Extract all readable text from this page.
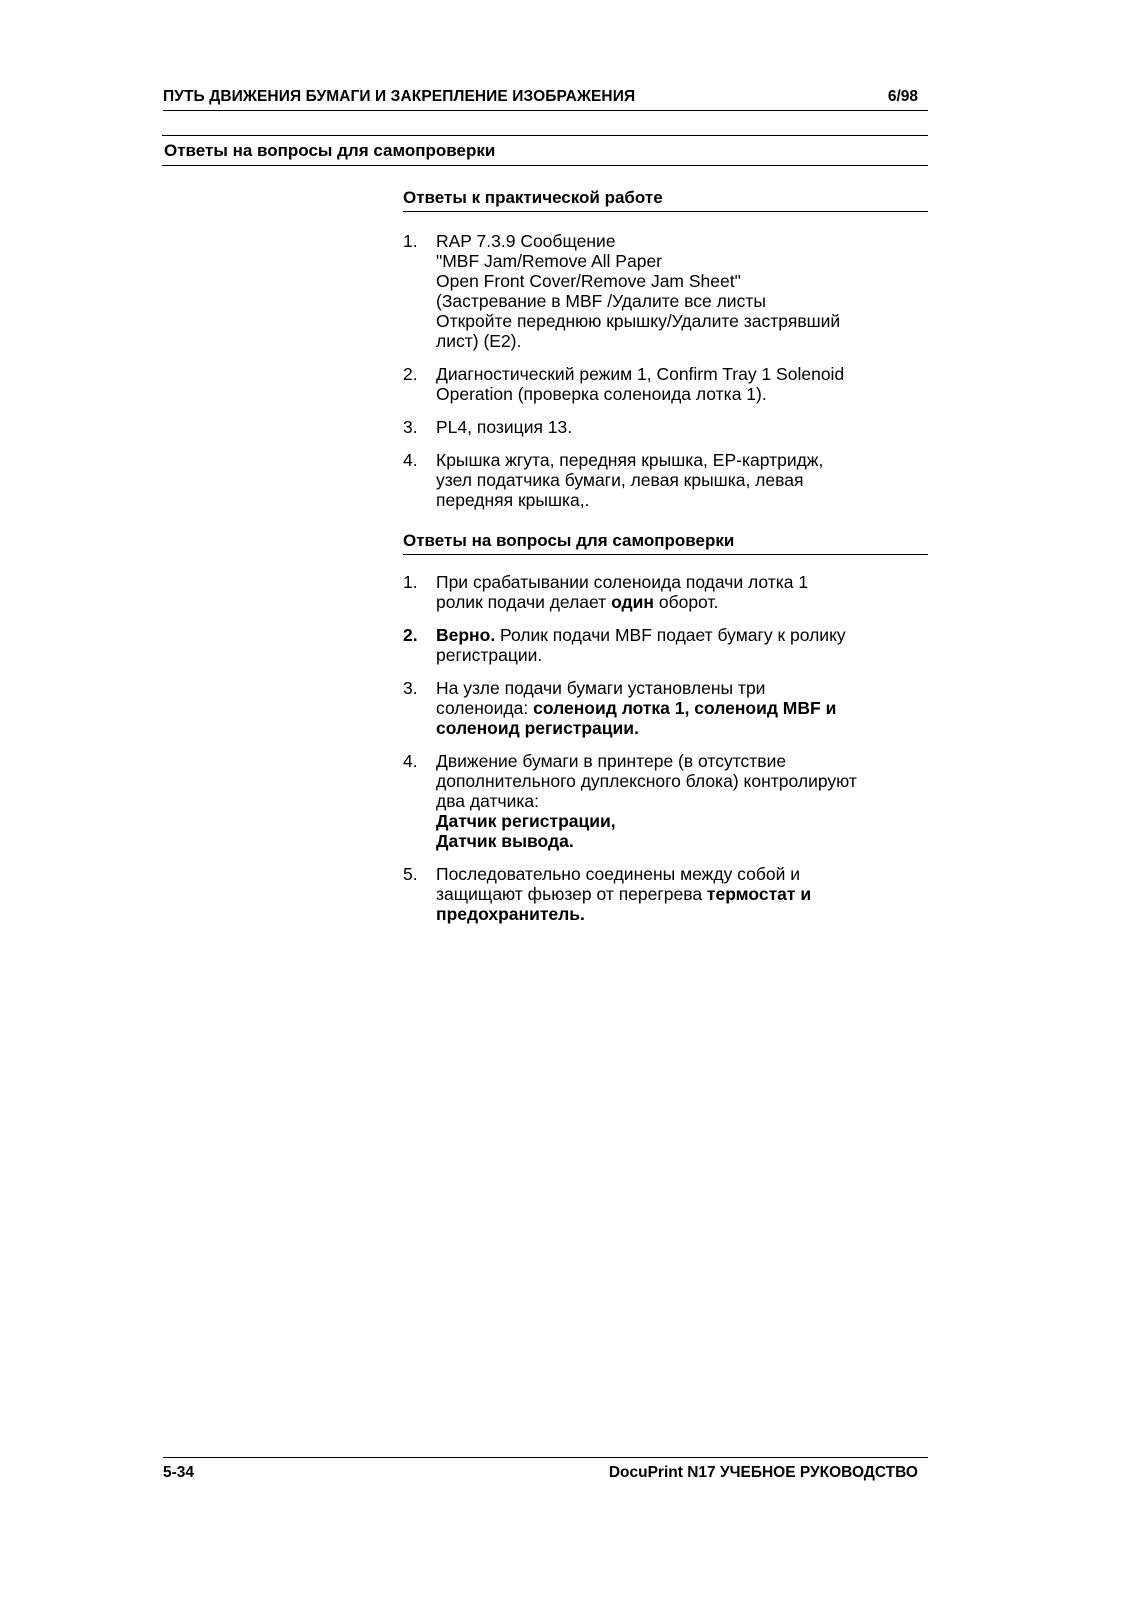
ПУТЬ ДВИЖЕНИЯ БУМАГИ И ЗАКРЕПЛЕНИЕ ИЗОБРАЖЕНИЯ	6/98
Ответы на вопросы для самопроверки
Ответы к практической работе
1. RAP 7.3.9 Сообщение
"MBF Jam/Remove All Paper
Open Front Cover/Remove Jam Sheet"
(Застревание в MBF /Удалите все листы
Откройте переднюю крышку/Удалите застрявший
лист) (E2).
2. Диагностический режим 1, Confirm Tray 1 Solenoid
Operation (проверка соленоида лотка 1).
3. PL4, позиция 13.
4. Крышка жгута, передняя крышка, EP-картридж,
узел податчика бумаги, левая крышка, левая
передняя крышка,.
Ответы на вопросы для самопроверки
1. При срабатывании соленоида подачи лотка 1
ролик подачи делает один оборот.
2. Верно. Ролик подачи MBF подает бумагу к ролику
регистрации.
3. На узле подачи бумаги установлены три
соленоида: соленоид лотка 1, соленоид MBF и
соленоид регистрации.
4. Движение бумаги в принтере (в отсутствие
дополнительного дуплексного блока) контролируют
два датчика:
Датчик регистрации,
Датчик вывода.
5. Последовательно соединены между собой и
защищают фьюзер от перегрева термостат и
предохранитель.
5-34	DocuPrint N17 УЧЕБНОЕ РУКОВОДСТВО
